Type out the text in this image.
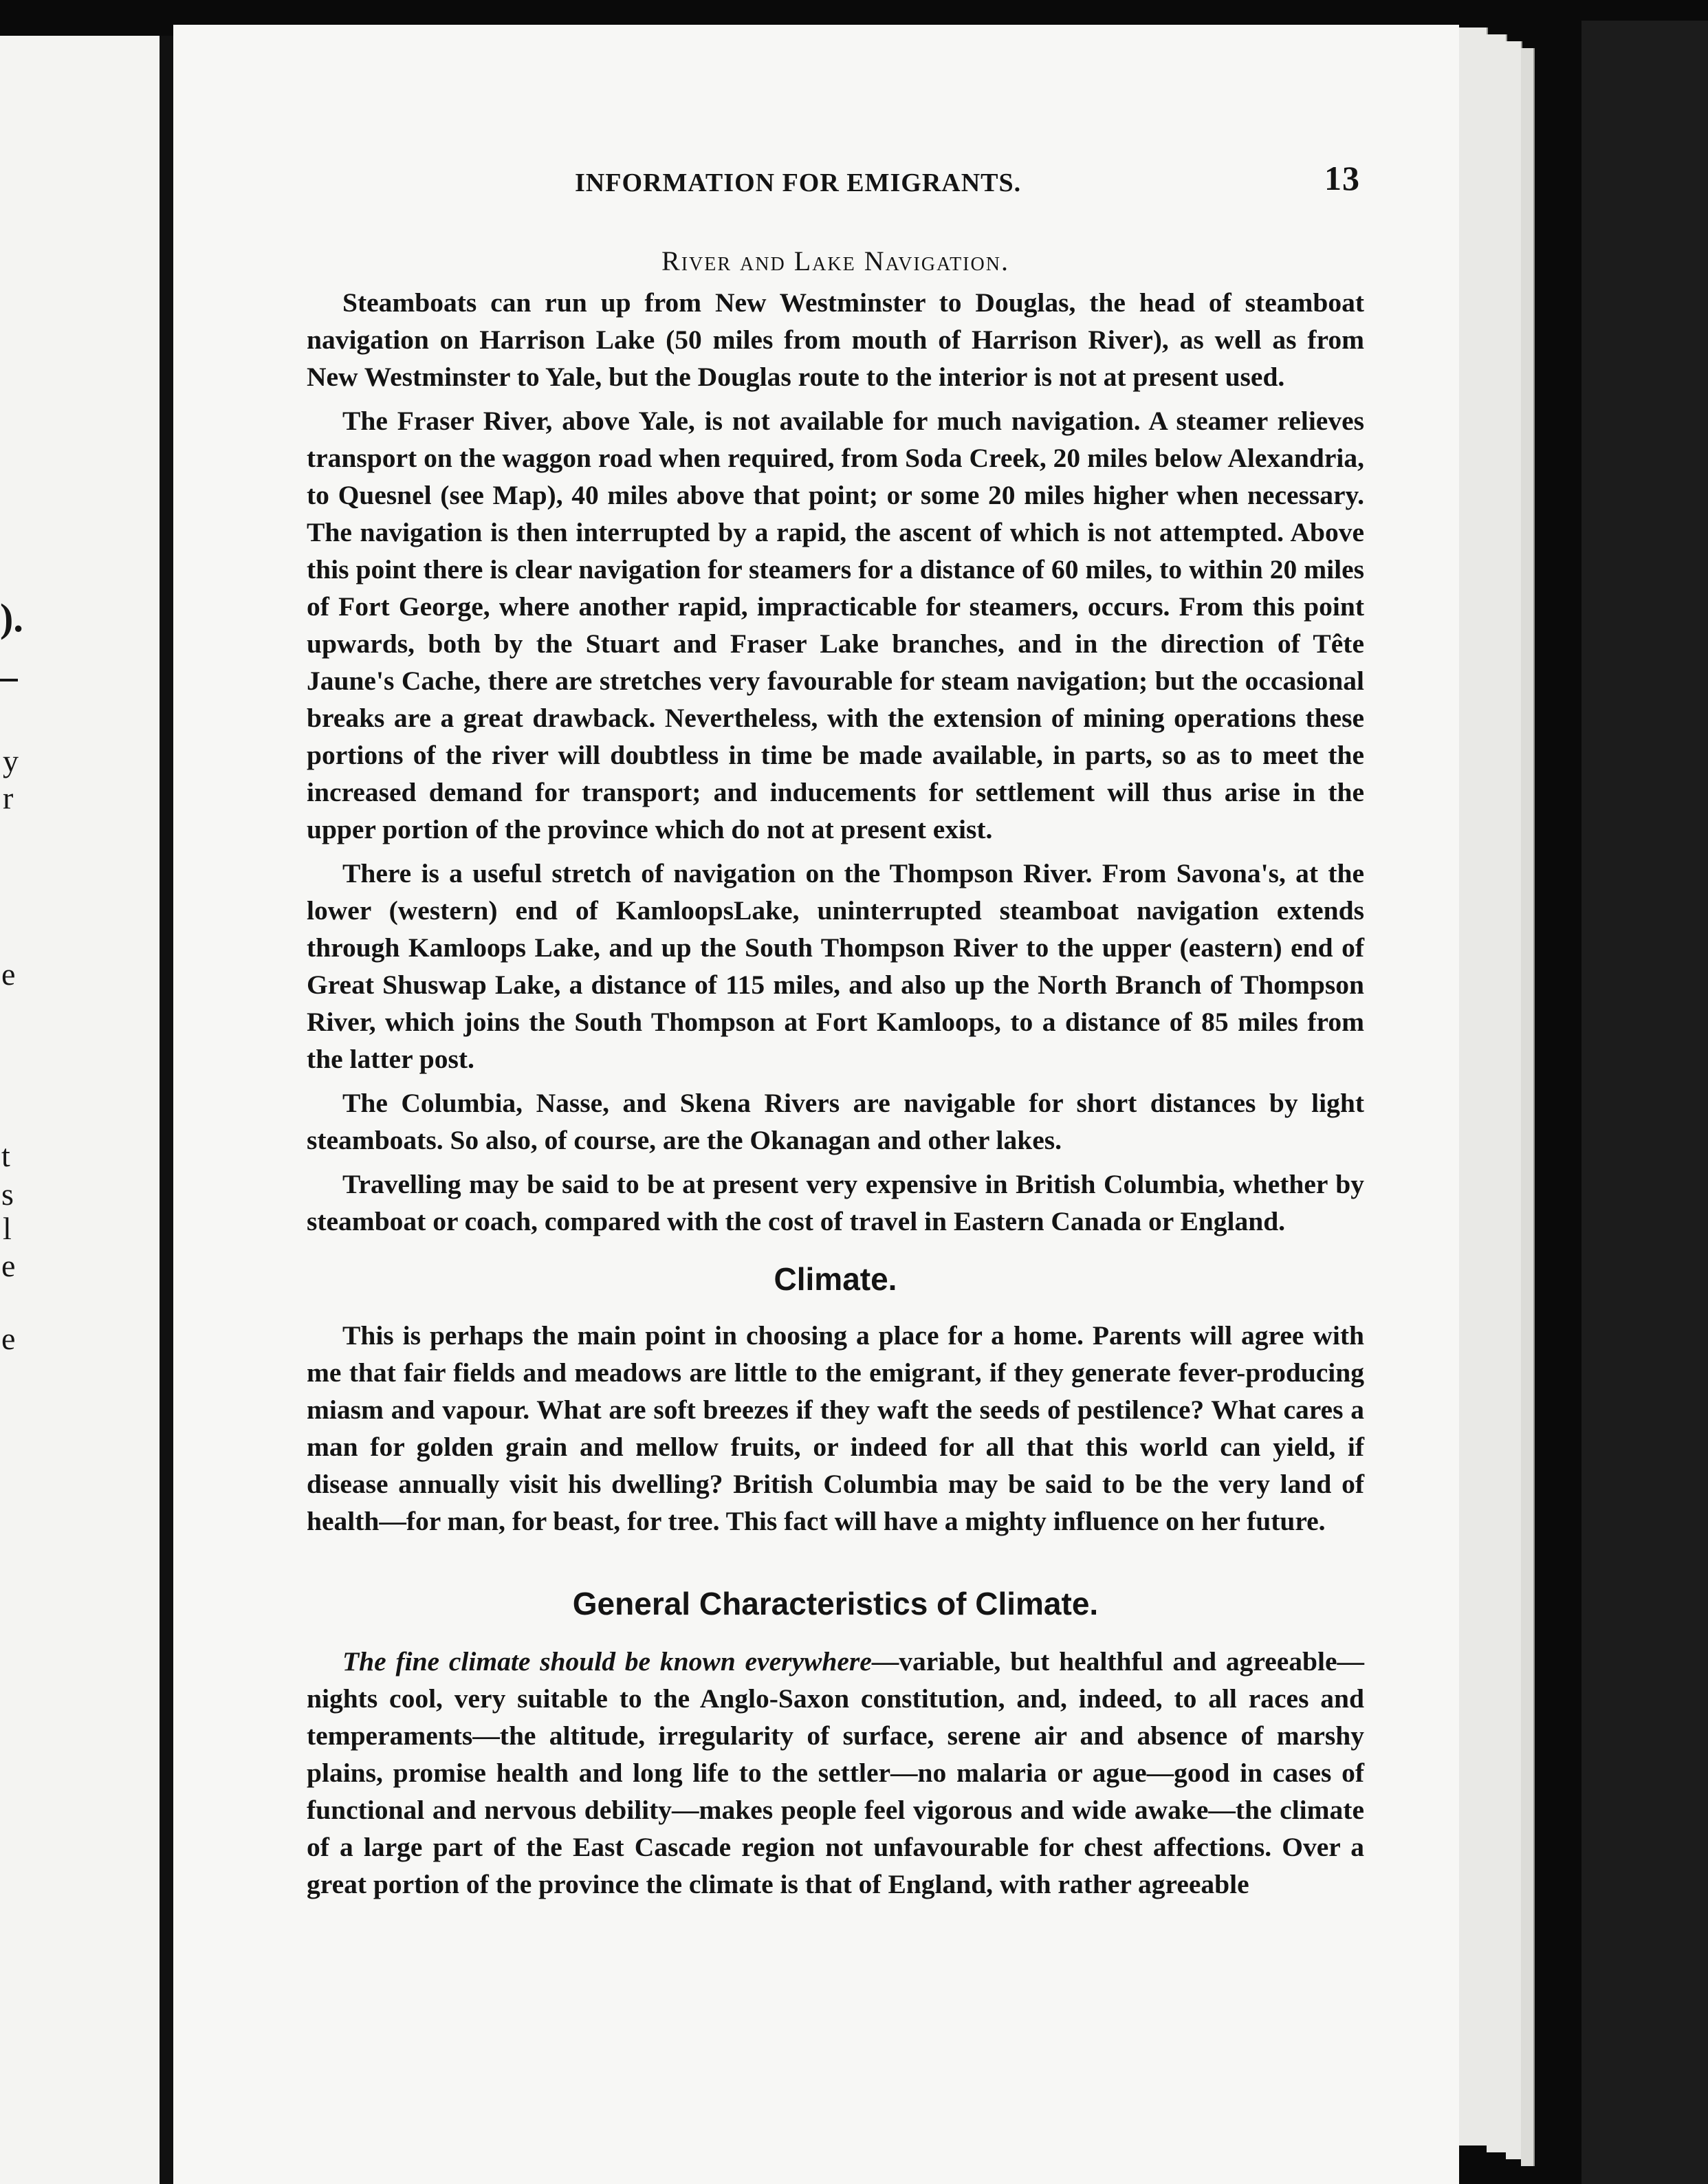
).
y
r
e
t
s
l
e
e
INFORMATION FOR EMIGRANTS.	13
River and Lake Navigation.

Steamboats can run up from New Westminster to Douglas, the head of steamboat navigation on Harrison Lake (50 miles from mouth of Harrison River), as well as from New Westminster to Yale, but the Douglas route to the interior is not at present used.

The Fraser River, above Yale, is not available for much navigation. A steamer relieves transport on the waggon road when required, from Soda Creek, 20 miles below Alexandria, to Quesnel (see Map), 40 miles above that point; or some 20 miles higher when necessary. The navigation is then interrupted by a rapid, the ascent of which is not attempted. Above this point there is clear navigation for steamers for a distance of 60 miles, to within 20 miles of Fort George, where another rapid, impracticable for steamers, occurs. From this point upwards, both by the Stuart and Fraser Lake branches, and in the direction of Tête Jaune's Cache, there are stretches very favourable for steam navigation; but the occasional breaks are a great drawback. Nevertheless, with the extension of mining operations these portions of the river will doubtless in time be made available, in parts, so as to meet the increased demand for transport; and inducements for settlement will thus arise in the upper portion of the province which do not at present exist.

There is a useful stretch of navigation on the Thompson River. From Savona's, at the lower (western) end of KamloopsLake, uninterrupted steamboat navigation extends through Kamloops Lake, and up the South Thompson River to the upper (eastern) end of Great Shuswap Lake, a distance of 115 miles, and also up the North Branch of Thompson River, which joins the South Thompson at Fort Kamloops, to a distance of 85 miles from the latter post.

The Columbia, Nasse, and Skena Rivers are navigable for short distances by light steamboats. So also, of course, are the Okanagan and other lakes.

Travelling may be said to be at present very expensive in British Columbia, whether by steamboat or coach, compared with the cost of travel in Eastern Canada or England.

Climate.

This is perhaps the main point in choosing a place for a home. Parents will agree with me that fair fields and meadows are little to the emigrant, if they generate fever-producing miasm and vapour. What are soft breezes if they waft the seeds of pestilence? What cares a man for golden grain and mellow fruits, or indeed for all that this world can yield, if disease annually visit his dwelling? British Columbia may be said to be the very land of health—for man, for beast, for tree. This fact will have a mighty influence on her future.

General Characteristics of Climate.

The fine climate should be known everywhere—variable, but healthful and agreeable—nights cool, very suitable to the Anglo-Saxon constitution, and, indeed, to all races and temperaments—the altitude, irregularity of surface, serene air and absence of marshy plains, promise health and long life to the settler—no malaria or ague—good in cases of functional and nervous debility—makes people feel vigorous and wide awake—the climate of a large part of the East Cascade region not unfavourable for chest affections. Over a great portion of the province the climate is that of England, with rather agreeable
